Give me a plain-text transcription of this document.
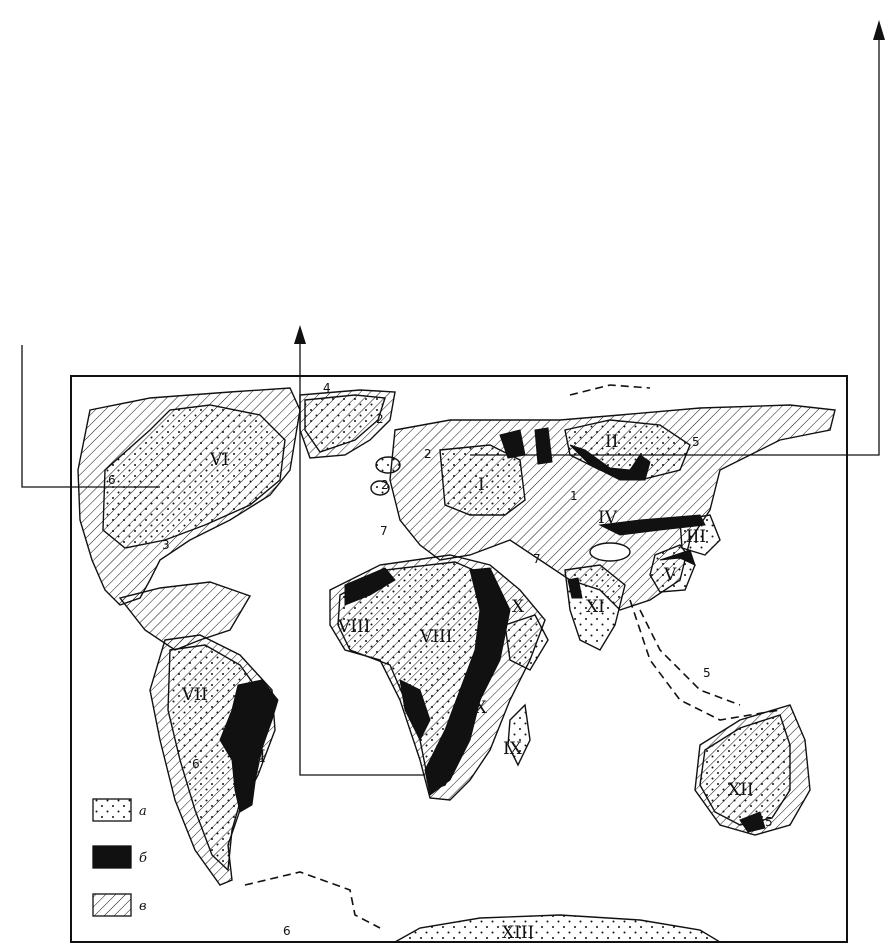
а
б
в
I
II
III
IV
V
VI
VII
VII
VIII	VIII
IX
IX
X	XI
XII
XIII
1
2
2
2
3
4
5
5
5
6
6
6
7
7
